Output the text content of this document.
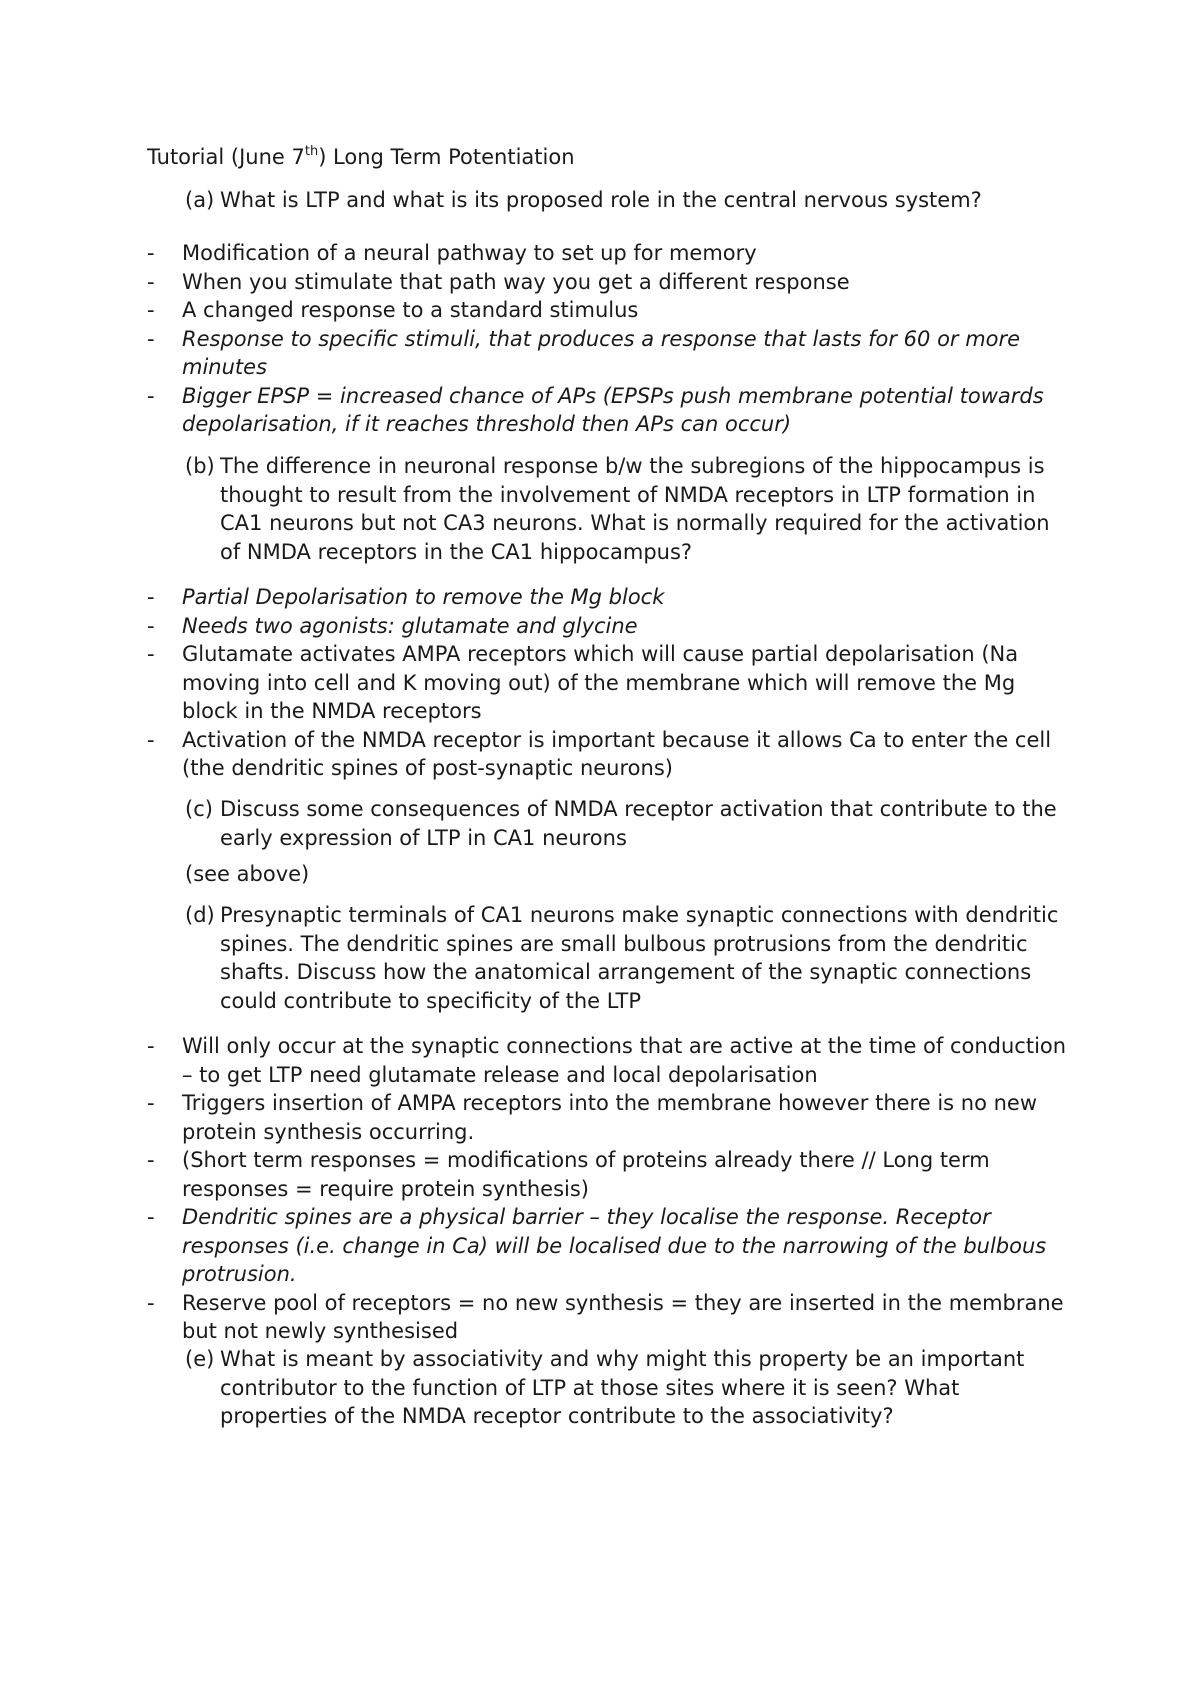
Tutorial (June 7th) Long Term Potentiation
(a) What is LTP and what is its proposed role in the central nervous system?
- Modification of a neural pathway to set up for memory
- When you stimulate that path way you get a different response
- A changed response to a standard stimulus
- Response to specific stimuli, that produces a response that lasts for 60 or more minutes
- Bigger EPSP = increased chance of APs (EPSPs push membrane potential towards depolarisation, if it reaches threshold then APs can occur)
(b) The difference in neuronal response b/w the subregions of the hippocampus is thought to result from the involvement of NMDA receptors in LTP formation in CA1 neurons but not CA3 neurons. What is normally required for the activation of NMDA receptors in the CA1 hippocampus?
- Partial Depolarisation to remove the Mg block
- Needs two agonists: glutamate and glycine
- Glutamate activates AMPA receptors which will cause partial depolarisation (Na moving into cell and K moving out) of the membrane which will remove the Mg block in the NMDA receptors
- Activation of the NMDA receptor is important because it allows Ca to enter the cell (the dendritic spines of post-synaptic neurons)
(c) Discuss some consequences of NMDA receptor activation that contribute to the early expression of LTP in CA1 neurons
(see above)
(d) Presynaptic terminals of CA1 neurons make synaptic connections with dendritic spines. The dendritic spines are small bulbous protrusions from the dendritic shafts. Discuss how the anatomical arrangement of the synaptic connections could contribute to specificity of the LTP
- Will only occur at the synaptic connections that are active at the time of conduction – to get LTP need glutamate release and local depolarisation
- Triggers insertion of AMPA receptors into the membrane however there is no new protein synthesis occurring.
- (Short term responses = modifications of proteins already there // Long term responses = require protein synthesis)
- Dendritic spines are a physical barrier – they localise the response. Receptor responses (i.e. change in Ca) will be localised due to the narrowing of the bulbous protrusion.
- Reserve pool of receptors = no new synthesis = they are inserted in the membrane but not newly synthesised
(e) What is meant by associativity and why might this property be an important contributor to the function of LTP at those sites where it is seen? What properties of the NMDA receptor contribute to the associativity?
